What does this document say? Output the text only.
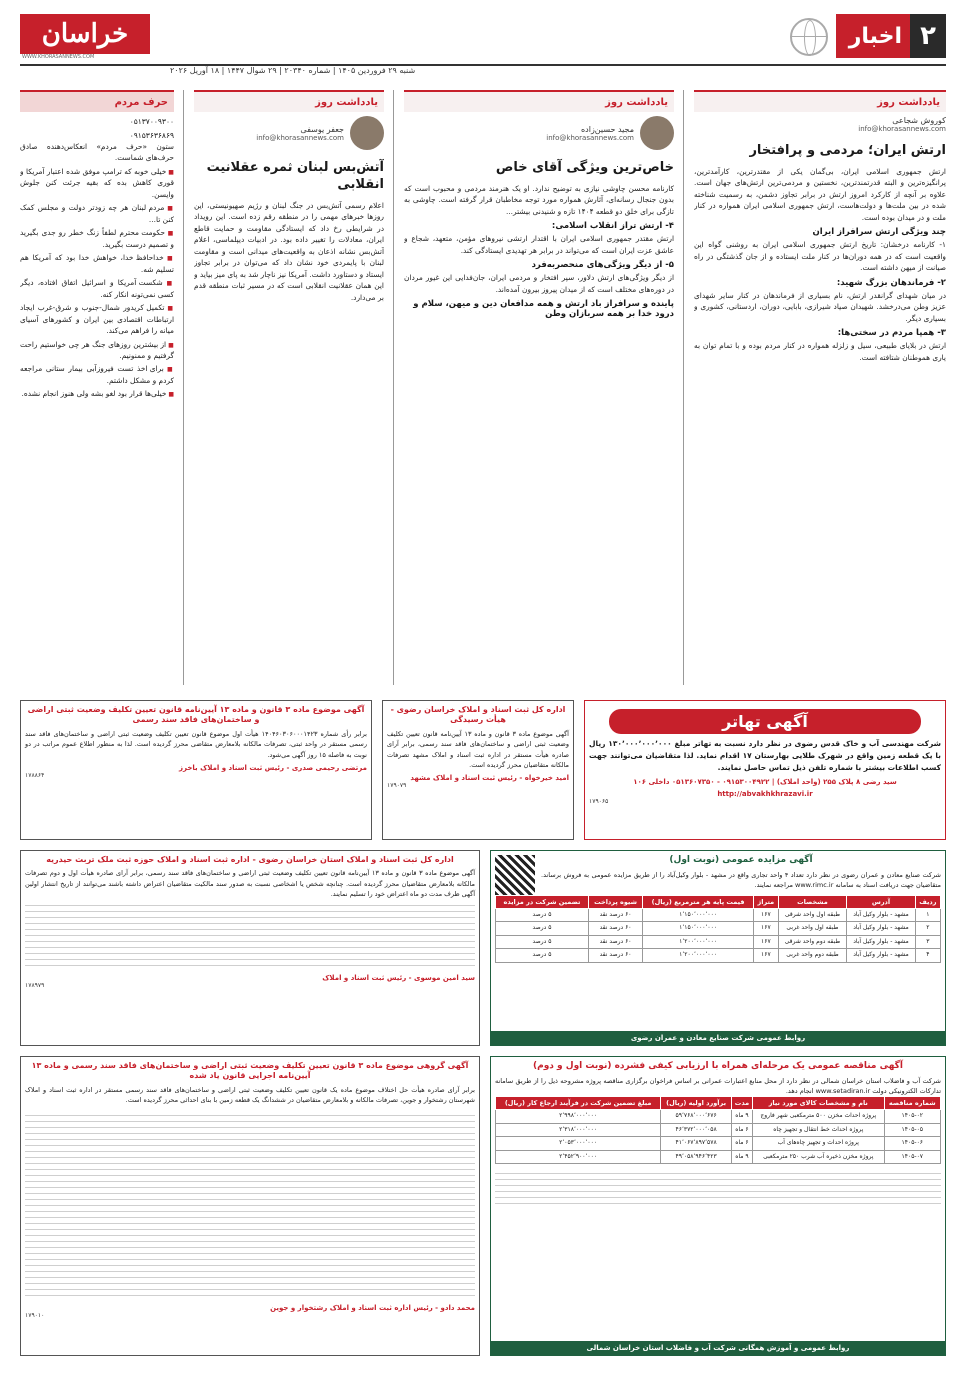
۲
اخبار
خراسان
WWW.KHORASANNEWS.COM
شنبه ۲۹ فروردین ۱۴۰۵ | شماره ۲۰۳۴۰ | ۲۹ شوال ۱۴۴۷ | ۱۸ آوریل ۲۰۲۶
یادداشت روز
کوروش شجاعی
info@khorasannews.com
ارتش ایران؛ مردمی و پرافتخار
ارتش جمهوری اسلامی ایران، بی‌گمان یکی از مقتدرترین، کارآمدترین، پرانگیزه‌ترین و البته قدرتمندترین، نخستین و مردمی‌ترین ارتش‌های جهان است. علاوه بر آنچه از کارکرد امروز ارتش در برابر تجاوز دشمن، به رسمیت شناخته شده در بین ملت‌ها و دولت‌هاست، ارتش جمهوری اسلامی ایران همواره در کنار ملت و در میدان بوده است.
چند ویژگی ارتش سرافراز ایران
۱- کارنامه درخشان: تاریخ ارتش جمهوری اسلامی ایران به روشنی گواه این واقعیت است که در همه دوران‌ها در کنار ملت ایستاده و از جان گذشتگی در راه صیانت از میهن داشته است.
۲- فرماندهان بزرگ شهید:
در میان شهدای گرانقدر ارتش، نام بسیاری از فرماندهان در کنار سایر شهدای عزیز وطن می‌درخشد. شهیدان صیاد شیرازی، بابایی، دوران، اردستانی، کشوری و بسیاری دیگر.
۳- همپا مردم در سختی‌ها:
ارتش در بلایای طبیعی، سیل و زلزله همواره در کنار مردم بوده و با تمام توان به یاری هموطنان شتافته است.
یادداشت روز
مجید حسین‌زاده
info@khorasannews.com
خاص‌ترین ویژگی آقای خاص
کارنامه محسن چاوشی نیازی به توضیح ندارد. او یک هنرمند مردمی و محبوب است که بدون جنجال رسانه‌ای، آثارش همواره مورد توجه مخاطبان قرار گرفته است. چاوشی به تازگی برای خلق دو قطعه ۱۴۰۴ تازه و شنیدنی بیشتر...
۴- ارتش تراز انقلاب اسلامی:
ارتش مقتدر جمهوری اسلامی ایران با اقتدار ارتشی نیروهای مؤمن، متعهد، شجاع و عاشق عزت ایران است که می‌تواند در برابر هر تهدیدی ایستادگی کند.
۵- از دیگر ویژگی‌های منحصربه‌فرد
از دیگر ویژگی‌های ارتش دلاور، سپر افتخار و مردمی ایران، جان‌فدایی این غیور مردان در دوره‌های مختلف است که از میدان پیروز بیرون آمده‌اند.
پاینده و سرافراز باد ارتش و همه مدافعان دین و میهن، سلام و درود خدا بر همه سربازان وطن
یادداشت روز
جعفر یوسفی
info@khorasannews.com
آتش‌بس لبنان ثمره عقلانیت انقلابی
اعلام رسمی آتش‌بس در جنگ لبنان و رژیم صهیونیستی، این روزها خبرهای مهمی را در منطقه رقم زده است. این رویداد در شرایطی رخ داد که ایستادگی مقاومت و حمایت قاطع ایران، معادلات را تغییر داده بود. در ادبیات دیپلماسی، اعلام آتش‌بس نشانه اذعان به واقعیت‌های میدانی است و مقاومت لبنان با پایمردی خود نشان داد که می‌توان در برابر تجاوز ایستاد و دستاورد داشت. آمریکا نیز ناچار شد به پای میز بیاید و این همان عقلانیت انقلابی است که در مسیر ثبات منطقه قدم بر می‌دارد.
حرف مردم
۰۵۱۳۷۰۰۹۳۰۰
۰۹۱۵۳۶۳۶۸۶۹
ستون «حرف مردم» انعکاس‌دهنده صادق حرف‌های شماست.
■ خیلی خوبه که ترامپ موفق شده اعتبار آمریکا و قوری کاهش بده که بقیه جرئت کنن جلوش وایسن.
■ مردم لبنان هر چه زودتر دولت و مجلس کمک کنن تا...
■ حکومت محترم لطفاً زنگ خطر رو جدی بگیرید و تصمیم درست بگیرید.
■ خداحافظ خدا، خواهش خدا بود که آمریکا هم تسلیم شه.
■ شکست آمریکا و اسرائیل اتفاق افتاده، دیگر کسی نمی‌تونه انکار کنه.
■ تکمیل کریدور شمال-جنوب و شرق-غرب ایجاد ارتباطات اقتصادی بین ایران و کشورهای آسیای میانه را فراهم می‌کند.
■ از بیشترین روزهای جنگ هر چی خواستیم راحت گرفتیم و ممنونیم.
■ برای اخذ تست فیروزآبی بیمار ستانی مراجعه کردم و مشکل داشتم.
■ خیلی‌ها قرار بود لغو بشه ولی هنوز انجام نشده.
آگهی تهاتر
شرکت مهندسی آب و خاک قدس رضوی در نظر دارد نسبت به تهاتر مبلغ ۱۳۰٬۰۰۰٬۰۰۰٬۰۰۰ ریال با یک قطعه زمین واقع در شهرک طلایی بهارستان ۱۷ اقدام نماید. لذا متقاضیان می‌توانند جهت کسب اطلاعات بیشتر با شماره تلفن ذیل تماس حاصل نمایند.
سید رضی ۸ پلاک ۲۵۵ (واحد املاک) | ۰۹۱۵۳۰۰۴۹۲۲ - ۰۵۱۳۶۰۷۳۵۰ داخلی ۱۰۶
http://abvakhkhrazavi.ir
۱۷۹۰۶۵
اداره کل ثبت اسناد و املاک خراسان رضوی - هیأت رسیدگی
آگهی موضوع ماده ۳ قانون و ماده ۱۳ آیین‌نامه قانون تعیین تکلیف وضعیت ثبتی اراضی و ساختمان‌های فاقد سند رسمی، برابر آرای صادره هیأت مستقر در اداره ثبت اسناد و املاک مشهد تصرفات مالکانه متقاضیان محرز گردیده است.
امید خیرخواه - رئیس ثبت اسناد و املاک مشهد
۱۷۹۰۷۹
آگهی موضوع ماده ۳ قانون و ماده ۱۳ آیین‌نامه قانون تعیین تکلیف وضعیت ثبتی اراضی و ساختمان‌های فاقد سند رسمی
برابر رأی شماره ۱۴۰۴۶۰۳۰۶۰۰۰۱۴۲۳ هیأت اول موضوع قانون تعیین تکلیف وضعیت ثبتی اراضی و ساختمان‌های فاقد سند رسمی مستقر در واحد ثبتی، تصرفات مالکانه بلامعارض متقاضی محرز گردیده است. لذا به منظور اطلاع عموم مراتب در دو نوبت به فاصله ۱۵ روز آگهی می‌شود.
مرتضی رحیمی صدری - رئیس ثبت اسناد و املاک باخرز
۱۷۸۸۶۴
آگهی مزایده عمومی (نوبت اول)
شرکت صنایع معادن و عمران رضوی در نظر دارد تعداد ۴ واحد تجاری واقع در مشهد - بلوار وکیل‌آباد را از طریق مزایده عمومی به فروش برساند. متقاضیان جهت دریافت اسناد به سامانه www.rimc.ir مراجعه نمایند.
ردیف	آدرس	مشخصات	متراژ	قیمت پایه هر مترمربع (ریال)	شیوه پرداخت	تضمین شرکت در مزایده
۱	مشهد - بلوار وکیل آباد	طبقه اول واحد شرقی	۱۶۷	۱٬۱۵۰٬۰۰۰٬۰۰۰	۶۰ درصد نقد	۵ درصد
۲	مشهد - بلوار وکیل آباد	طبقه اول واحد غربی	۱۶۷	۱٬۱۵۰٬۰۰۰٬۰۰۰	۶۰ درصد نقد	۵ درصد
۳	مشهد - بلوار وکیل آباد	طبقه دوم واحد شرقی	۱۶۷	۱٬۲۰۰٬۰۰۰٬۰۰۰	۶۰ درصد نقد	۵ درصد
۴	مشهد - بلوار وکیل آباد	طبقه دوم واحد غربی	۱۶۷	۱٬۲۰۰٬۰۰۰٬۰۰۰	۶۰ درصد نقد	۵ درصد
روابط عمومی شرکت صنایع معادن و عمران رضوی
اداره کل ثبت اسناد و املاک استان خراسان رضوی - اداره ثبت اسناد و املاک حوزه ثبت ملک تربت حیدریه
آگهی موضوع ماده ۳ قانون و ماده ۱۳ آیین‌نامه قانون تعیین تکلیف وضعیت ثبتی اراضی و ساختمان‌های فاقد سند رسمی، برابر آرای صادره هیأت اول و دوم تصرفات مالکانه بلامعارض متقاضیان محرز گردیده است. چنانچه شخص یا اشخاصی نسبت به صدور سند مالکیت متقاضیان اعتراض داشته باشند می‌توانند از تاریخ انتشار اولین آگهی ظرف مدت دو ماه اعتراض خود را تسلیم نمایند.
سید امین موسوی - رئیس ثبت اسناد و املاک
۱۷۸۹۷۹
آگهی مناقصه عمومی یک مرحله‌ای همراه با ارزیابی کیفی فشرده (نوبت اول و دوم)
شرکت آب و فاضلاب استان خراسان شمالی در نظر دارد از محل منابع اعتبارات عمرانی بر اساس فراخوان برگزاری مناقصه پروژه مشروحه ذیل را از طریق سامانه تدارکات الکترونیکی دولت www.setadiran.ir انجام دهد.
شماره مناقصه	نام و مشخصات کالای مورد نیاز	مدت	برآورد اولیه (ریال)	مبلغ تضمین شرکت در فرآیند ارجاع کار (ریال)
۱۴۰۵-۰۲	پروژه احداث مخزن ۵۰۰ مترمکعبی شهر فاروج	۹ ماه	۵۹٬۷۶۸٬۰۰۰٬۶۷۶	۲٬۹۹۸٬۰۰۰٬۰۰۰
۱۴۰۵-۰۵	پروژه احداث خط انتقال و تجهیز چاه	۶ ماه	۴۶٬۳۷۲٬۰۰۰٬۰۵۸	۲٬۳۱۸٬۰۰۰٬۰۰۰
۱۴۰۵-۰۶	پروژه احداث و تجهیز چاه‌های آب	۶ ماه	۴۱٬۰۶۷٬۸۹۷٬۵۷۸	۲٬۰۵۳٬۰۰۰٬۰۰۰
۱۴۰۵-۰۷	پروژه مخزن ذخیره آب شرب ۲۵۰ مترمکعبی	۹ ماه	۴۹٬۰۵۸٬۹۴۶٬۴۲۳	۲٬۴۵۲٬۹۰۰٬۰۰۰
روابط عمومی و آموزش همگانی شرکت آب و فاضلاب استان خراسان شمالی
آگهی گروهی موضوع ماده ۳ قانون تعیین تکلیف وضعیت ثبتی اراضی و ساختمان‌های فاقد سند رسمی و ماده ۱۳ آیین‌نامه اجرایی قانون یاد شده
برابر آرای صادره هیأت حل اختلاف موضوع ماده یک قانون تعیین تکلیف وضعیت ثبتی اراضی و ساختمان‌های فاقد سند رسمی مستقر در اداره ثبت اسناد و املاک شهرستان رشتخوار و جوین، تصرفات مالکانه و بلامعارض متقاضیان در ششدانگ یک قطعه زمین با بنای احداثی محرز گردیده است.
محمد دادو - رئیس اداره ثبت اسناد و املاک رشتخوار و جوین
۱۷۹۰۱۰
